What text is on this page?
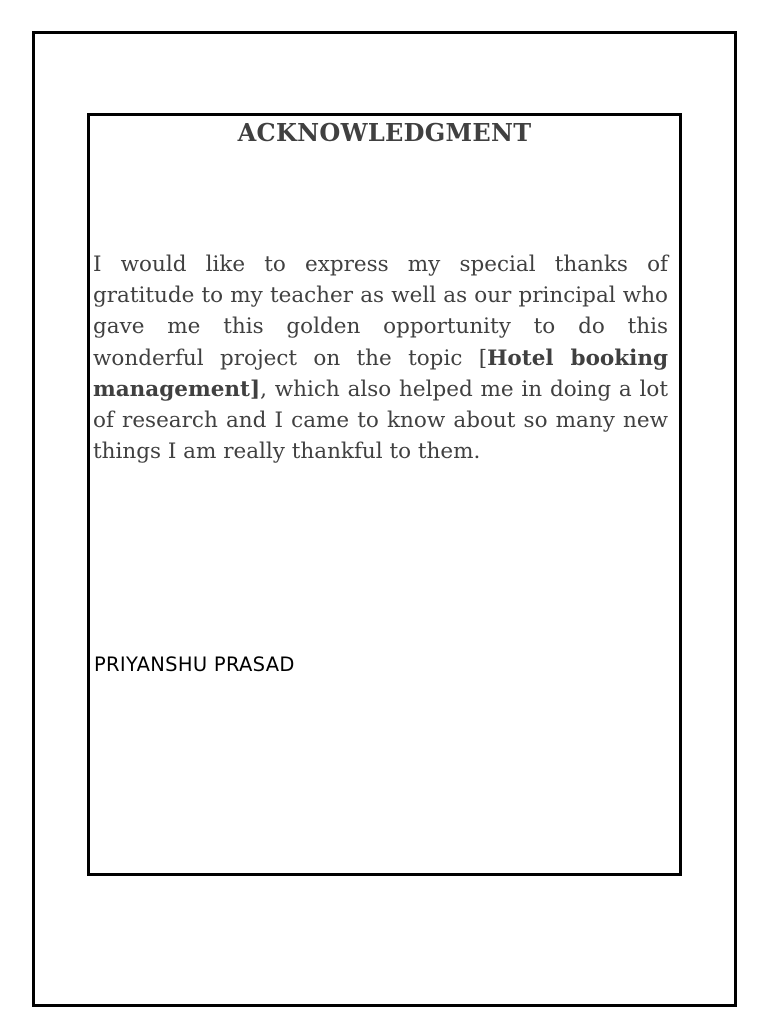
ACKNOWLEDGMENT

I would like to express my special thanks of gratitude to my teacher as well as our principal who gave me this golden opportunity to do this wonderful project on the topic [Hotel booking management], which also helped me in doing a lot of research and I came to know about so many new things I am really thankful to them.

PRIYANSHU PRASAD
